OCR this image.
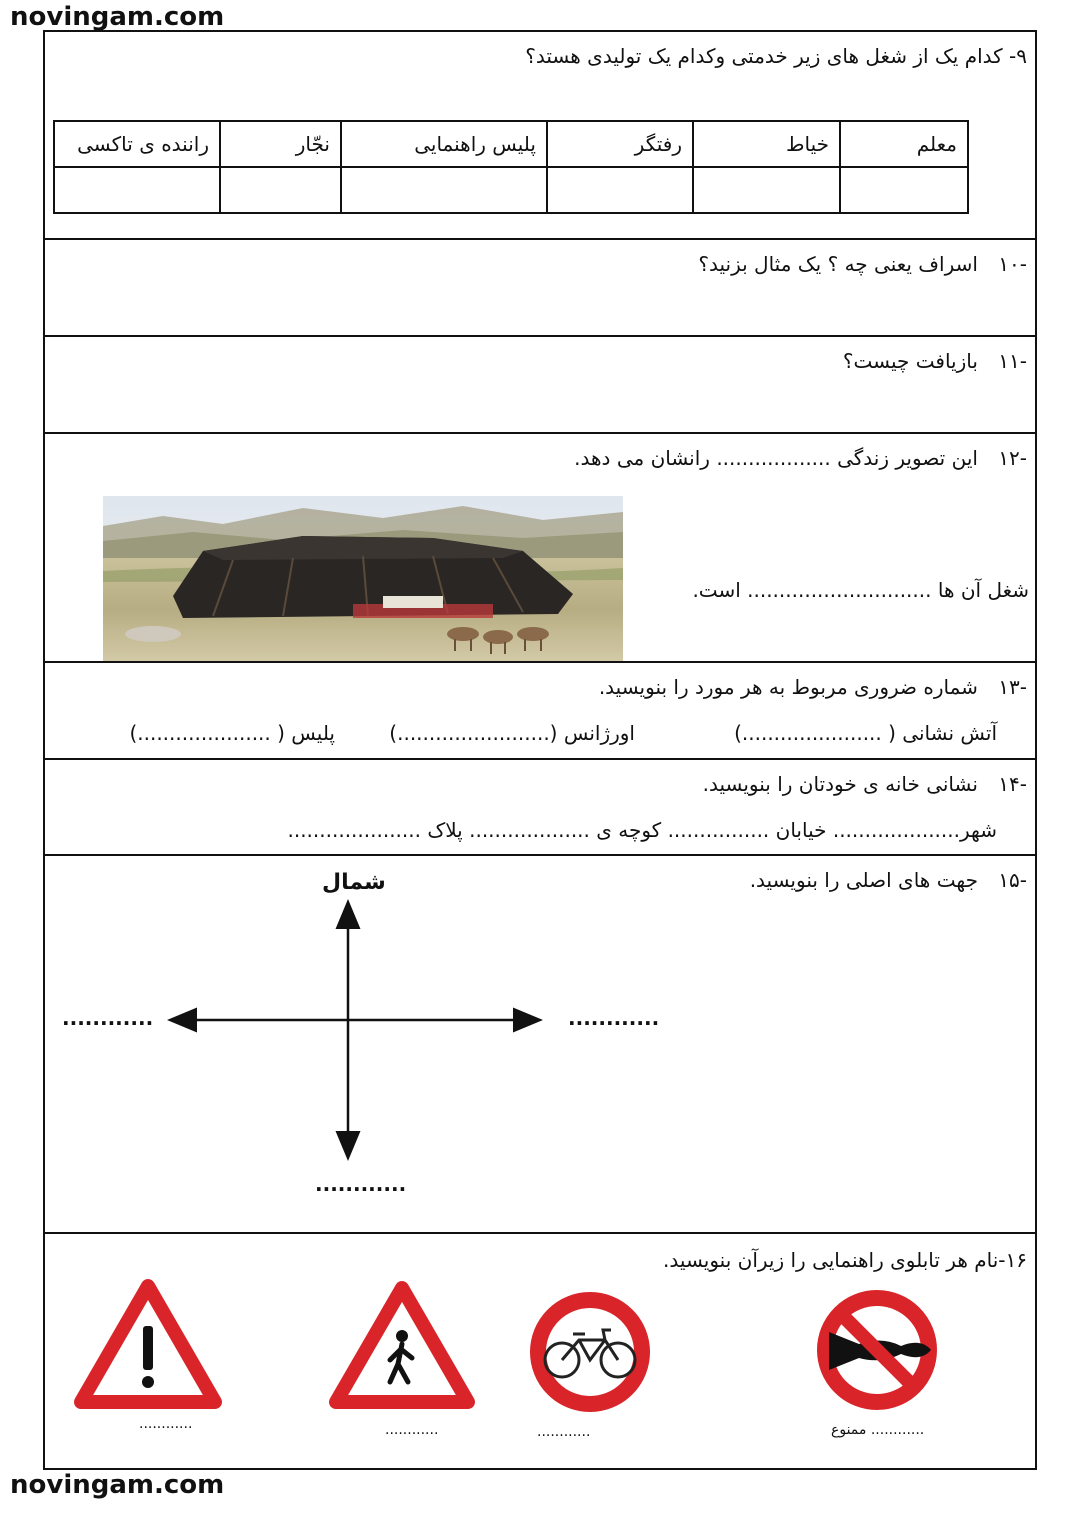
novingam.com
۹- کدام یک از شغل های زیر خدمتی وکدام یک تولیدی هستد؟
معلم	خیاط	رفتگر	پلیس راهنمایی	نجّار	راننده ی تاکسی

-۱۰ اسراف یعنی چه ؟ یک مثال بزنید؟
-۱۱ بازیافت چیست؟
-۱۲ این تصویر زندگی .................. رانشان می دهد.
شغل آن ها ............................. است.
-۱۳ شماره ضروری مربوط به هر مورد را بنویسید.
آتش نشانی ( ......................)
اورژانس (........................)
پلیس ( .....................)
-۱۴ نشانی خانه ی خودتان را بنویسید.
شهر.................... خیابان ................ کوچه ی ................... پلاک .....................
-۱۵ جهت های اصلی را بنویسید.
شمال
............	............
............
۱۶-نام هر تابلوی راهنمایی را زیرآن بنویسید.
............ ممنوع
............
............
............
novingam.com
